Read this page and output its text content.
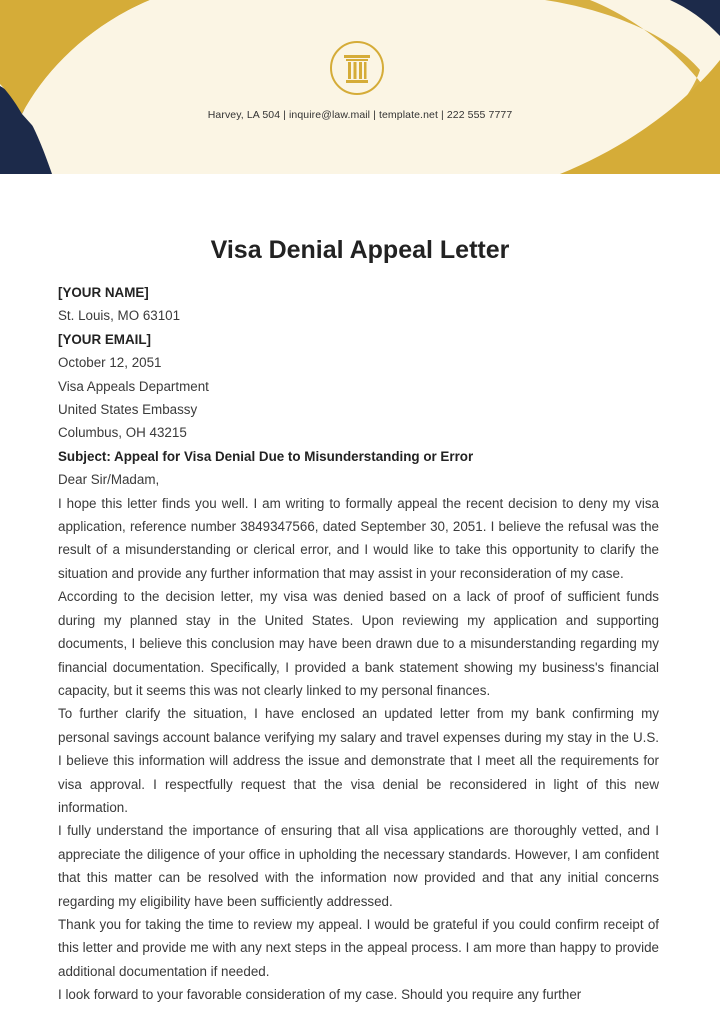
Harvey, LA 504 | inquire@law.mail | template.net | 222 555 7777
Visa Denial Appeal Letter
[YOUR NAME]
St. Louis, MO 63101
[YOUR EMAIL]
October 12, 2051
Visa Appeals Department
United States Embassy
Columbus, OH 43215
Subject: Appeal for Visa Denial Due to Misunderstanding or Error
Dear Sir/Madam,

I hope this letter finds you well. I am writing to formally appeal the recent decision to deny my visa application, reference number 3849347566, dated September 30, 2051. I believe the refusal was the result of a misunderstanding or clerical error, and I would like to take this opportunity to clarify the situation and provide any further information that may assist in your reconsideration of my case.

According to the decision letter, my visa was denied based on a lack of proof of sufficient funds during my planned stay in the United States. Upon reviewing my application and supporting documents, I believe this conclusion may have been drawn due to a misunderstanding regarding my financial documentation. Specifically, I provided a bank statement showing my business's financial capacity, but it seems this was not clearly linked to my personal finances.

To further clarify the situation, I have enclosed an updated letter from my bank confirming my personal savings account balance verifying my salary and travel expenses during my stay in the U.S. I believe this information will address the issue and demonstrate that I meet all the requirements for visa approval. I respectfully request that the visa denial be reconsidered in light of this new information.

I fully understand the importance of ensuring that all visa applications are thoroughly vetted, and I appreciate the diligence of your office in upholding the necessary standards. However, I am confident that this matter can be resolved with the information now provided and that any initial concerns regarding my eligibility have been sufficiently addressed.

Thank you for taking the time to review my appeal. I would be grateful if you could confirm receipt of this letter and provide me with any next steps in the appeal process. I am more than happy to provide additional documentation if needed.

I look forward to your favorable consideration of my case. Should you require any further
